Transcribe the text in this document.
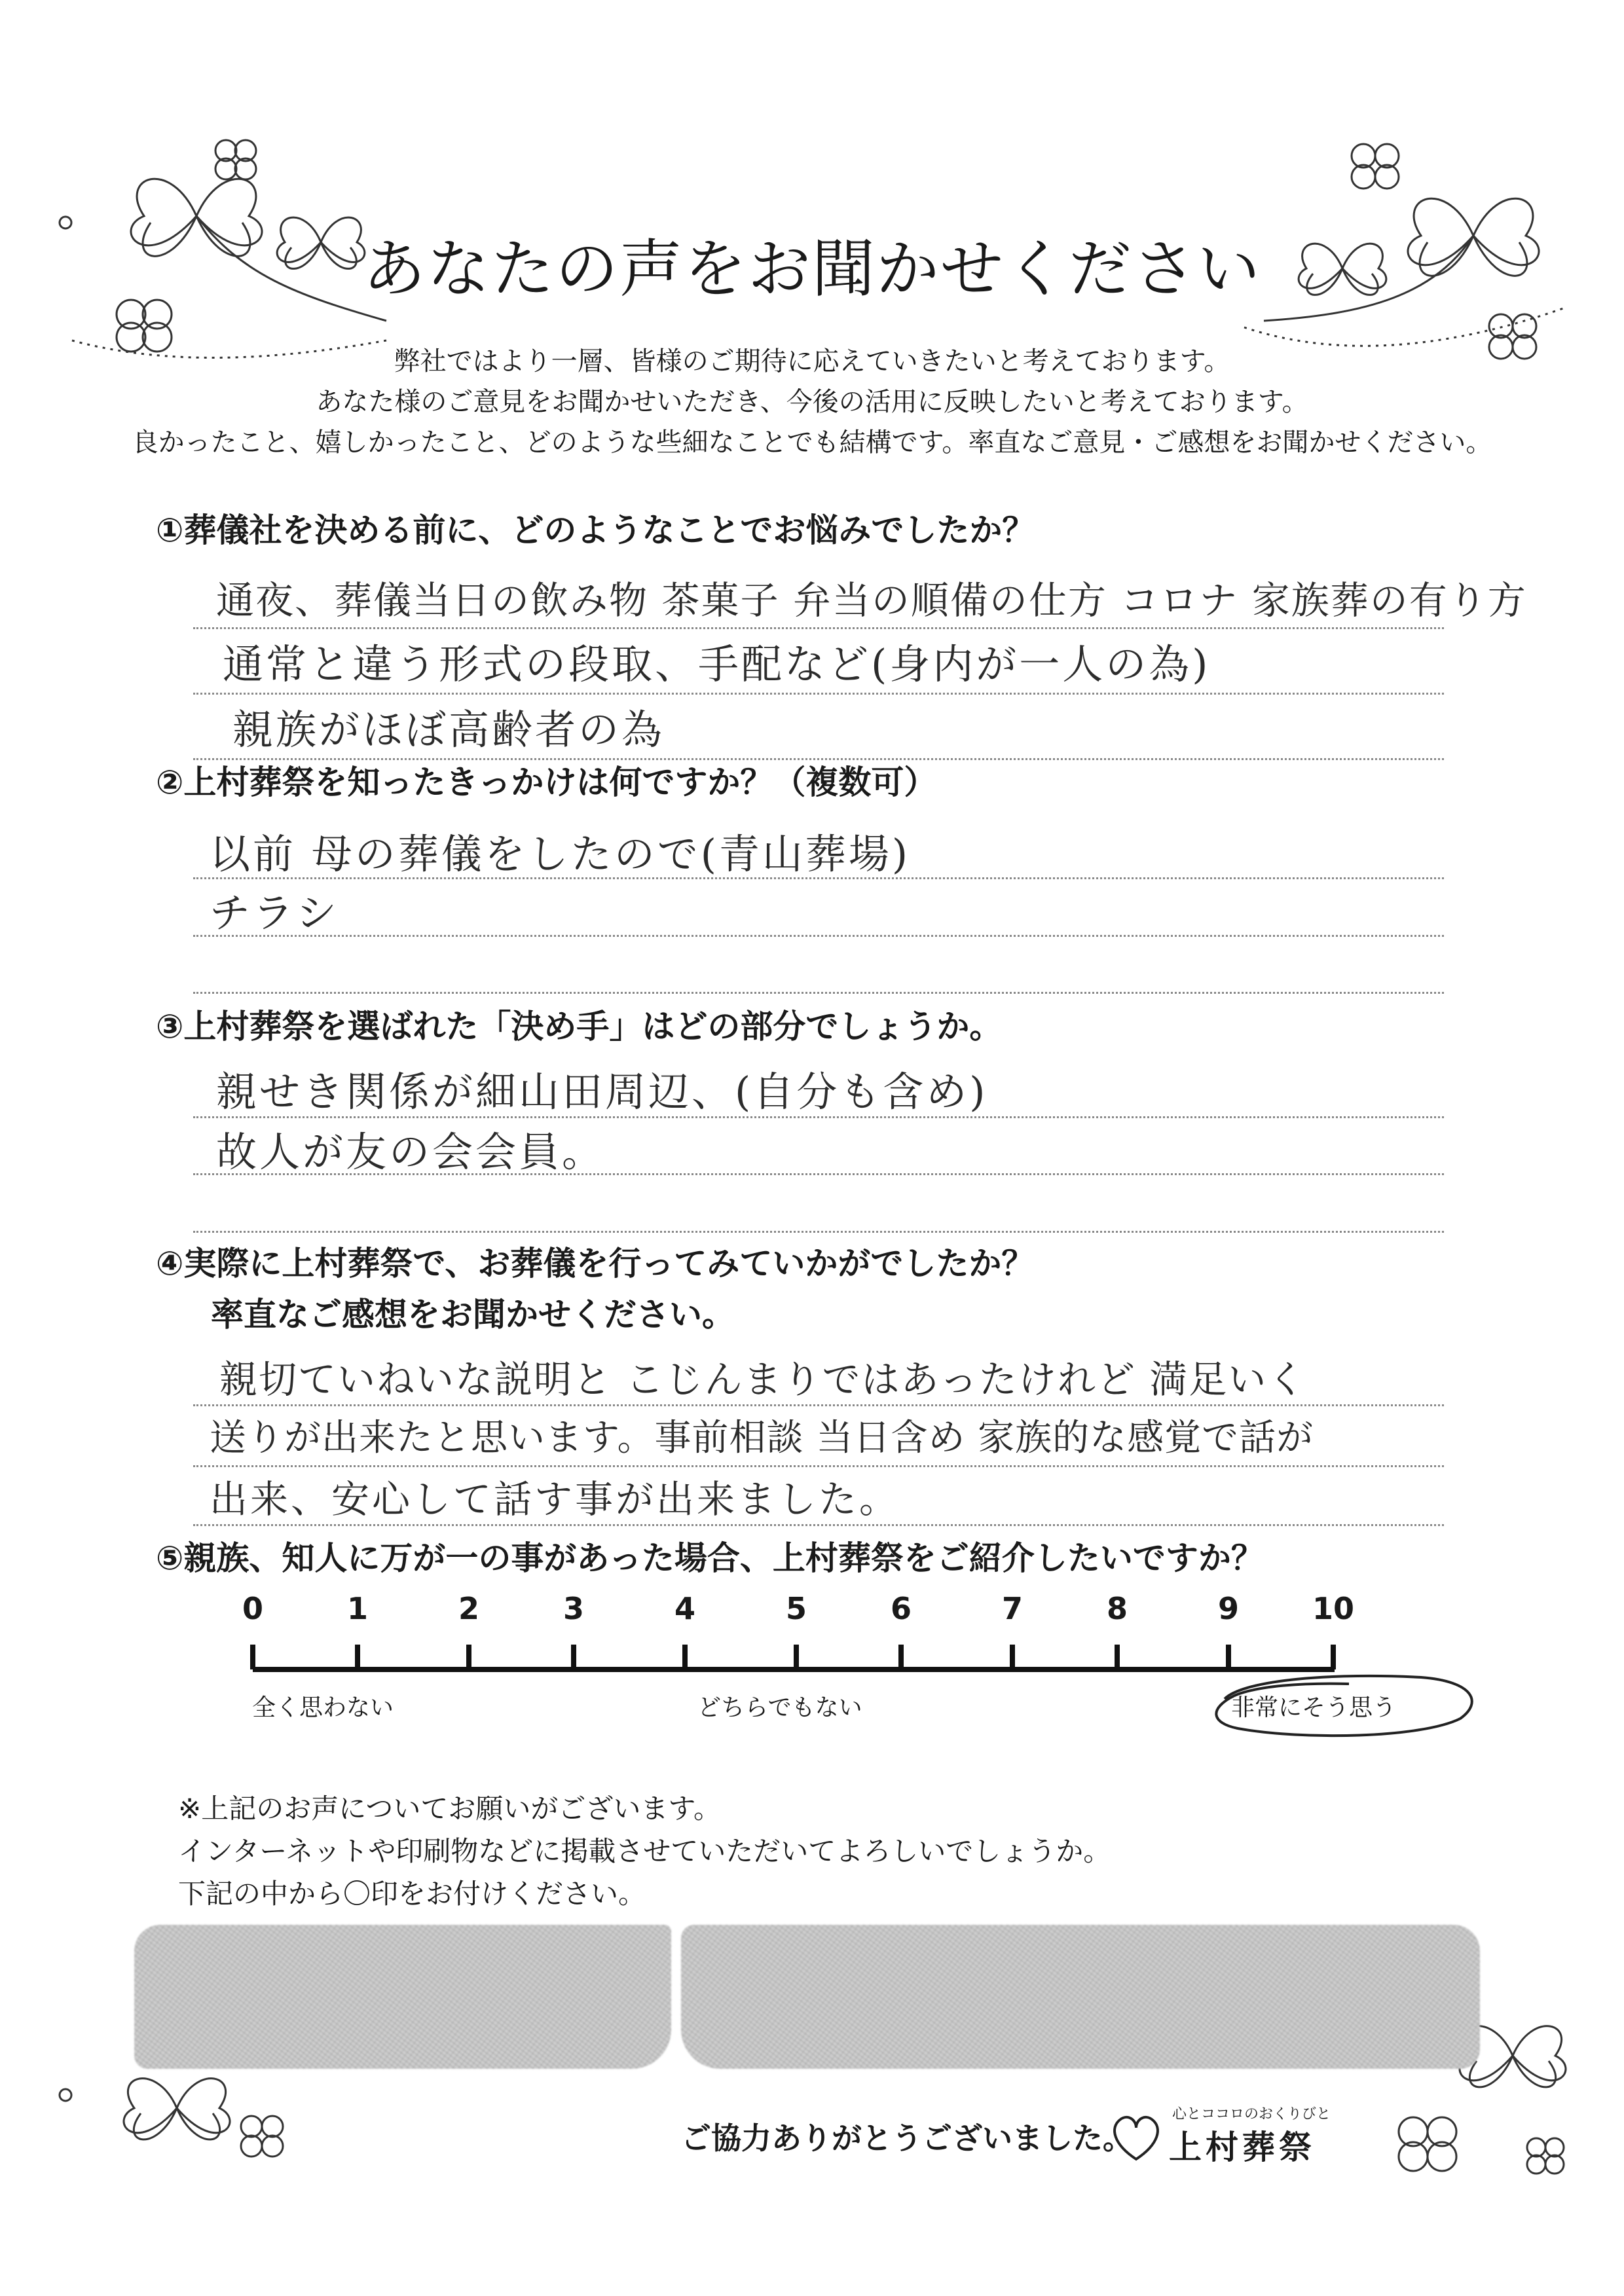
あなたの声をお聞かせください
弊社ではより一層、皆様のご期待に応えていきたいと考えております。
あなた様のご意見をお聞かせいただき、今後の活用に反映したいと考えております。
良かったこと、嬉しかったこと、どのような些細なことでも結構です。率直なご意見・ご感想をお聞かせください。
①葬儀社を決める前に、どのようなことでお悩みでしたか？
通夜、葬儀当日の飲み物 茶菓子 弁当の順備の仕方 コロナ 家族葬の有り方
通常と違う形式の段取、手配など(身内が一人の為)
親族がほぼ高齢者の為
②上村葬祭を知ったきっかけは何ですか？（複数可）
以前 母の葬儀をしたので(青山葬場)
チラシ
③上村葬祭を選ばれた「決め手」はどの部分でしょうか。
親せき関係が細山田周辺、(自分も含め)
故人が友の会会員。
④実際に上村葬祭で、お葬儀を行ってみていかがでしたか？
率直なご感想をお聞かせください。
親切ていねいな説明と こじんまりではあったけれど 満足いく
送りが出来たと思います。事前相談 当日含め 家族的な感覚で話が
出来、安心して話す事が出来ました。
⑤親族、知人に万が一の事があった場合、上村葬祭をご紹介したいですか？
0	1	2	3	4	5	6	7	8	9	10
全く思わない	どちらでもない	非常にそう思う
※上記のお声についてお願いがございます。
インターネットや印刷物などに掲載させていただいてよろしいでしょうか。
下記の中から〇印をお付けください。
ご協力ありがとうございました。
心とココロのおくりびと
上村葬祭
